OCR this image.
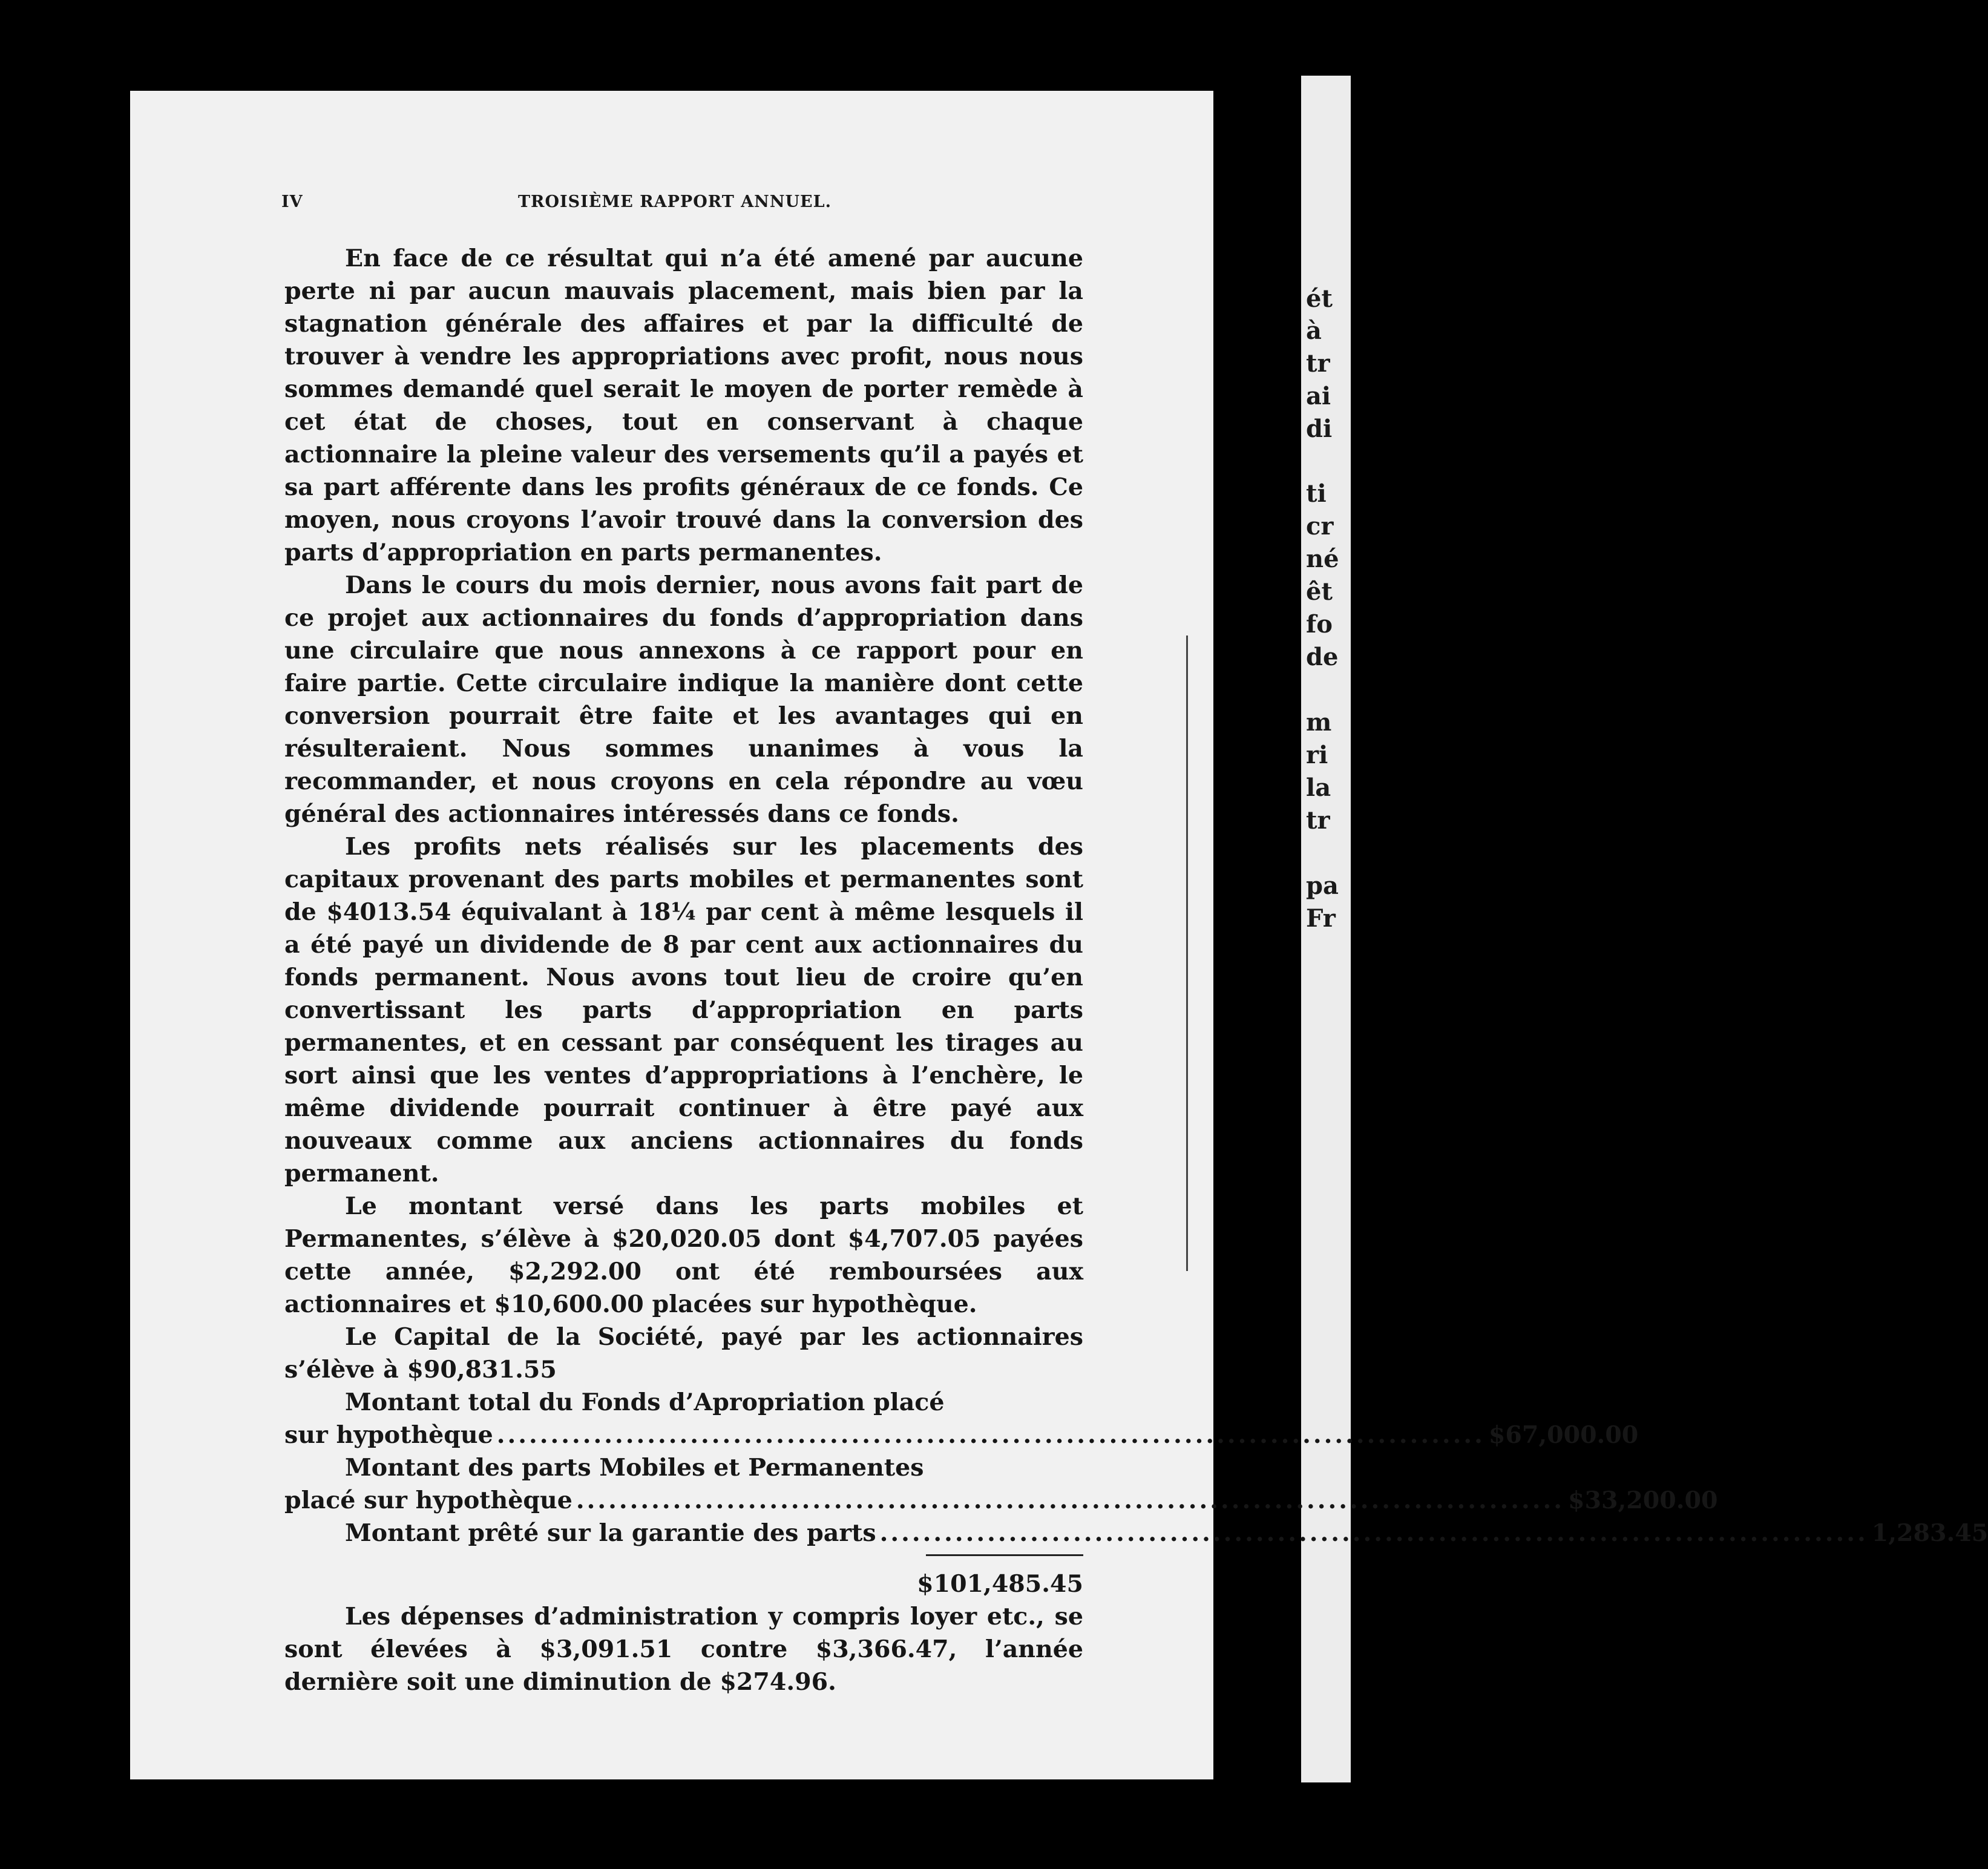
ét
à
tr
ai
di
ti
cr
né
êt
fo
de
m
ri
la
tr
pa
Fr
IV	TROISIÈME RAPPORT ANNUEL.

En face de ce résultat qui n’a été amené par aucune perte ni par aucun mauvais placement, mais bien par la stagnation générale des affaires et par la difficulté de trouver à vendre les appropriations avec profit, nous nous sommes demandé quel serait le moyen de porter remède à cet état de choses, tout en conservant à chaque actionnaire la pleine valeur des versements qu’il a payés et sa part afférente dans les profits généraux de ce fonds. Ce moyen, nous croyons l’avoir trouvé dans la conversion des parts d’appropriation en parts permanentes.

Dans le cours du mois dernier, nous avons fait part de ce projet aux actionnaires du fonds d’appropriation dans une circulaire que nous annexons à ce rapport pour en faire partie. Cette circulaire indique la manière dont cette conversion pourrait être faite et les avantages qui en résulteraient. Nous sommes unanimes à vous la recommander, et nous croyons en cela répondre au vœu général des actionnaires intéressés dans ce fonds.

Les profits nets réalisés sur les placements des capitaux provenant des parts mobiles et permanentes sont de $4013.54 équivalant à 18¼ par cent à même lesquels il a été payé un dividende de 8 par cent aux actionnaires du fonds permanent. Nous avons tout lieu de croire qu’en convertissant les parts d’appropriation en parts permanentes, et en cessant par conséquent les tirages au sort ainsi que les ventes d’appropriations à l’enchère, le même dividende pourrait continuer à être payé aux nouveaux comme aux anciens actionnaires du fonds permanent.

Le montant versé dans les parts mobiles et Permanentes, s’élève à $20,020.05 dont $4,707.05 payées cette année, $2,292.00 ont été remboursées aux actionnaires et $10,600.00 placées sur hypothèque.

Le Capital de la Société, payé par les actionnaires s’élève à $90,831.55

Montant total du Fonds d’Apropriation placé
sur hypothèque ............................................................................................ $67,000.00
Montant des parts Mobiles et Permanentes
placé sur hypothèque ............................................................................................ $33,200.00
Montant prêté sur la garantie des parts ............................................................................................ 1,283.45
$101,485.45

Les dépenses d’administration y compris loyer etc., se sont élevées à $3,091.51 contre $3,366.47, l’année dernière soit une diminution de $274.96.
